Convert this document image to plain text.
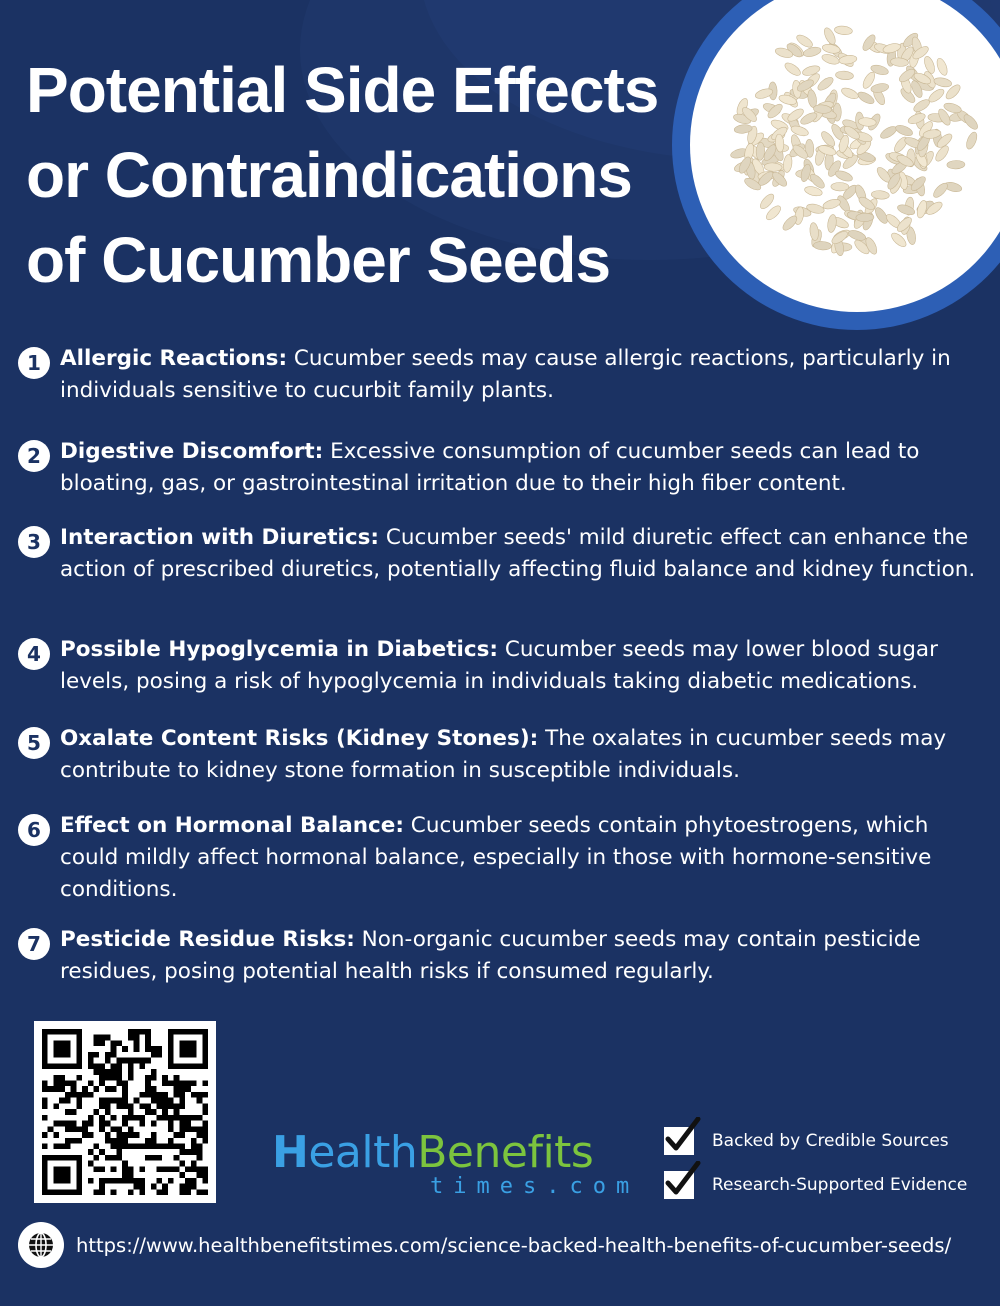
Potential Side Effects or Contraindications of Cucumber Seeds
1 Allergic Reactions: Cucumber seeds may cause allergic reactions, particularly in individuals sensitive to cucurbit family plants.

2 Digestive Discomfort: Excessive consumption of cucumber seeds can lead to bloating, gas, or gastrointestinal irritation due to their high fiber content.

3 Interaction with Diuretics: Cucumber seeds' mild diuretic effect can enhance the action of prescribed diuretics, potentially affecting fluid balance and kidney function.

4 Possible Hypoglycemia in Diabetics: Cucumber seeds may lower blood sugar levels, posing a risk of hypoglycemia in individuals taking diabetic medications.

5 Oxalate Content Risks (Kidney Stones): The oxalates in cucumber seeds may contribute to kidney stone formation in susceptible individuals.

6 Effect on Hormonal Balance: Cucumber seeds contain phytoestrogens, which could mildly affect hormonal balance, especially in those with hormone-sensitive conditions.

7 Pesticide Residue Risks: Non-organic cucumber seeds may contain pesticide residues, posing potential health risks if consumed regularly.

HealthBenefits
times.com
Backed by Credible Sources
Research-Supported Evidence
https://www.healthbenefitstimes.com/science-backed-health-benefits-of-cucumber-seeds/
